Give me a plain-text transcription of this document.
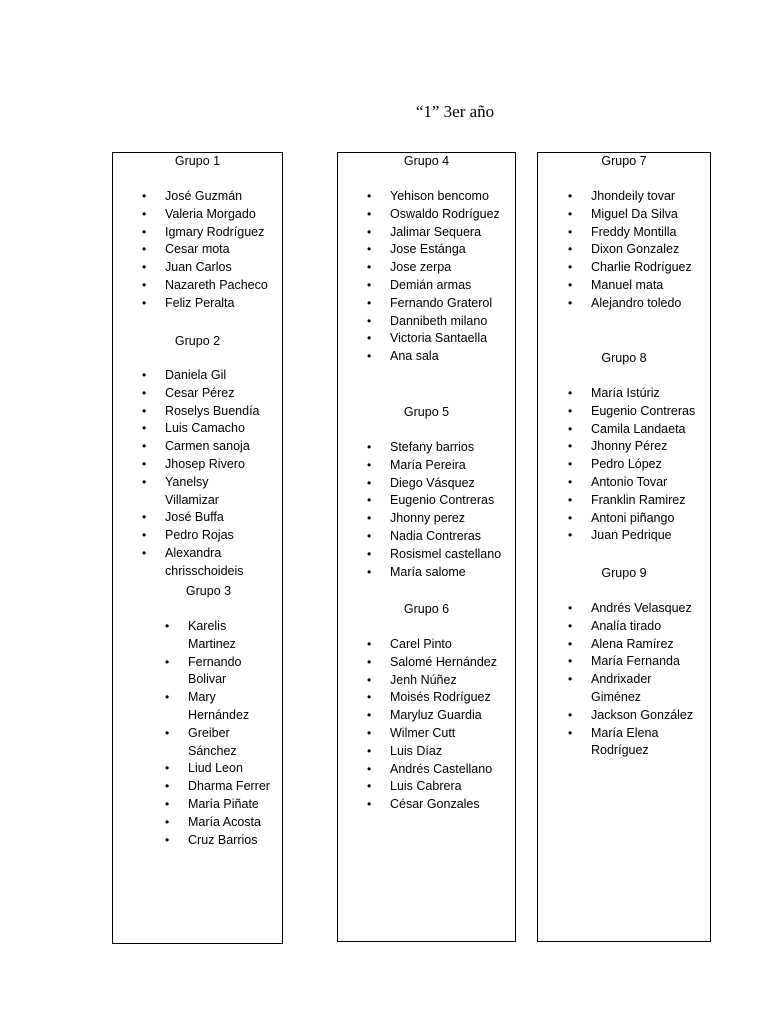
“1” 3er año
Grupo 1
• José Guzmán
• Valeria Morgado
• Igmary Rodríguez
• Cesar mota
• Juan Carlos
• Nazareth Pacheco
• Feliz Peralta
Grupo 2
• Daniela Gil
• Cesar Pérez
• Roselys Buendía
• Luis Camacho
• Carmen sanoja
• Jhosep Rivero
• Yanelsy Villamizar
• José Buffa
• Pedro Rojas
• Alexandra chrisschoideis
Grupo 3
• Karelis Martinez
• Fernando Bolivar
• Mary Hernández
• Greiber Sánchez
• Liud Leon
• Dharma Ferrer
• María Piñate
• María Acosta
• Cruz Barrios
Grupo 4
• Yehison bencomo
• Oswaldo Rodríguez
• Jalimar Sequera
• Jose Estánga
• Jose zerpa
• Demián armas
• Fernando Graterol
• Dannibeth milano
• Victoria Santaella
• Ana sala
Grupo 5
• Stefany barrios
• María Pereira
• Diego Vásquez
• Eugenio Contreras
• Jhonny perez
• Nadia Contreras
• Rosismel castellano
• María salome
Grupo 6
• Carel Pinto
• Salomé Hernández
• Jenh Núñez
• Moisés Rodríguez
• Maryluz Guardia
• Wilmer Cutt
• Luis Díaz
• Andrés Castellano
• Luis Cabrera
• César Gonzales
Grupo 7
• Jhondeily tovar
• Miguel Da Silva
• Freddy Montilla
• Dixon Gonzalez
• Charlie Rodríguez
• Manuel mata
• Alejandro toledo
Grupo 8
• María Istúriz
• Eugenio Contreras
• Camila Landaeta
• Jhonny Pérez
• Pedro López
• Antonio Tovar
• Franklin Ramirez
• Antoni piñango
• Juan Pedrique
Grupo 9
• Andrés Velasquez
• Analía tirado
• Alena Ramírez
• María Fernanda
• Andrixader Giménez
• Jackson González
• María Elena Rodríguez
